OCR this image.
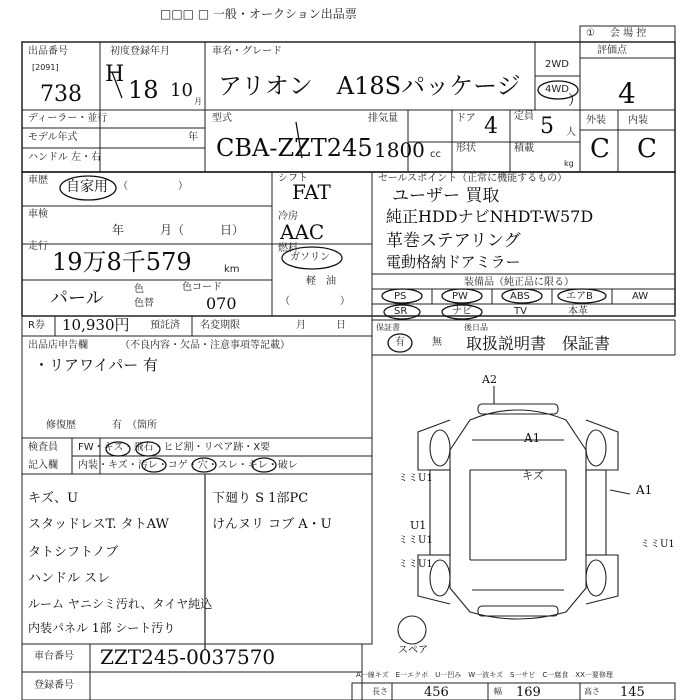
□□□ □ 一般・オークション出品票
① 会 場 控
出品番号
[2091]
738
初度登録年月
H
18 10
月
車名・グレード
アリオン　A18Sパッケージ
2WD
4WD
）
評価点
4
外装 内装
C C
ディーラー・並行
モデル年式	年
ハンドル 左・右
型式
CBA-ZZT245
排気量
1800 cc
形状
ドア 4 定員 5 人
積載
kg
車歴 自家用 （　　　　　）
車検
年　　　月（　　　日）
走行
19万8千579	km
パール	色
色替
色コード
070
シフト
FAT
冷房
AAC
燃料
ガソリン
軽　油
（　　　　　）
セールスポイント（正常に機能するもの）
ユーザー 買取
純正HDDナビNHDT-W57D
革巻ステアリング
電動格納ドアミラー
装備品（純正品に限る）
PS	PW	ABS	エアB	AW
SR	ナビ	TV	本革
保証書
有	無
後日品
取扱説明書　保証書
R券 10,930円 預託済 名変期限	月　　　日
出品店申告欄	（不良内容・欠品・注意事項等記載）
・リアワイパー 有
修復歴	有　（箇所
検査員
記入欄
FW・キズ・飛石・ヒビ割・リペア跡・X要
内装・キズ・汚レ・コゲ・穴・スレ・キレ・破レ
キズ、U
スタッドレスT. タトAW
タトシフトノブ
ハンドル スレ
ルーム ヤニシミ汚れ、タイヤ純込
内装パネル 1部 シート汚り
下廻り S 1部PC
けんヌリ コブ A・U
A2
A1
キズ
ミミU1
A1
U1
ミミU1	ミミU1
ミミU1
スペア
車台番号 ZZT245-0037570
登録番号
A一線キズ　E一エクボ　U一凹み　W一波キズ　S一サビ　C一腐食　XX一要修理
長さ	456	幅 169	高さ 145
